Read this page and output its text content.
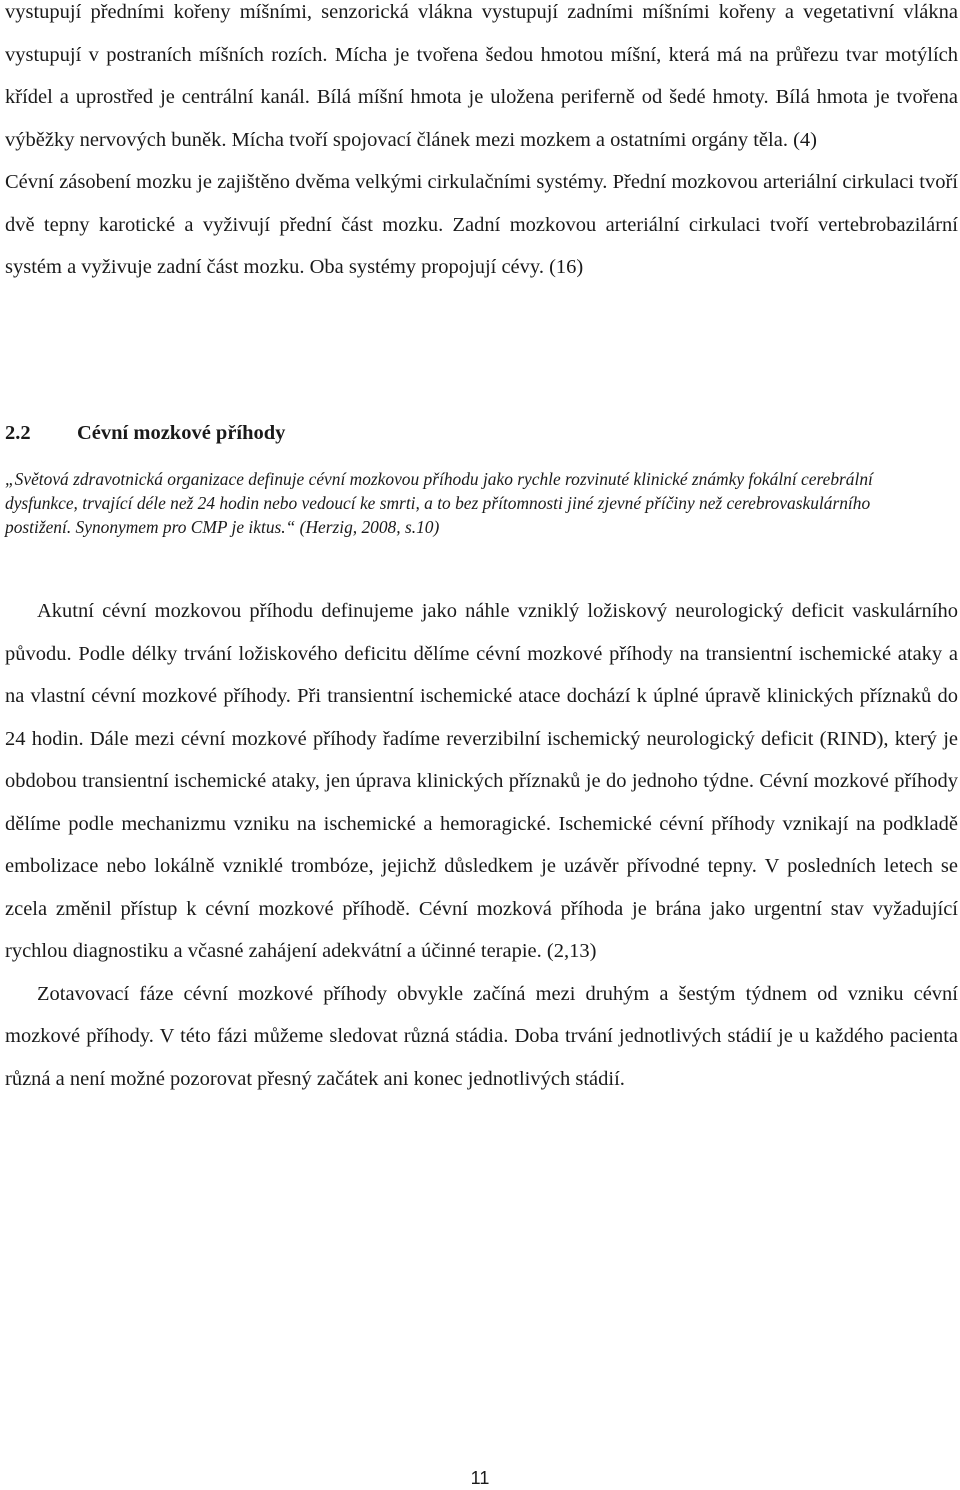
vystupují předními kořeny míšními, senzorická vlákna vystupují zadními míšními kořeny a vegetativní vlákna vystupují v postraních míšních rozích. Mícha je tvořena šedou hmotou míšní, která má na průřezu tvar motýlích křídel a uprostřed je centrální kanál. Bílá míšní hmota je uložena periferně od šedé hmoty. Bílá hmota je tvořena výběžky nervových buněk. Mícha tvoří spojovací článek mezi mozkem a ostatními orgány těla. (4)

Cévní zásobení mozku je zajištěno dvěma velkými cirkulačními systémy. Přední mozkovou arteriální cirkulaci tvoří dvě tepny karotické a vyživují přední část mozku. Zadní mozkovou arteriální cirkulaci tvoří vertebrobazilární systém a vyživuje zadní část mozku. Oba systémy propojují cévy. (16)

2.2 Cévní mozkové příhody

„Světová zdravotnická organizace definuje cévní mozkovou příhodu jako rychle rozvinuté klinické známky fokální cerebrální dysfunkce, trvající déle než 24 hodin nebo vedoucí ke smrti, a to bez přítomnosti jiné zjevné příčiny než cerebrovaskulárního postižení. Synonymem pro CMP je iktus.“ (Herzig, 2008, s.10)

Akutní cévní mozkovou příhodu definujeme jako náhle vzniklý ložiskový neurologický deficit vaskulárního původu. Podle délky trvání ložiskového deficitu dělíme cévní mozkové příhody na transientní ischemické ataky a na vlastní cévní mozkové příhody. Při transientní ischemické atace dochází k úplné úpravě klinických příznaků do 24 hodin. Dále mezi cévní mozkové příhody řadíme reverzibilní ischemický neurologický deficit (RIND), který je obdobou transientní ischemické ataky, jen úprava klinických příznaků je do jednoho týdne. Cévní mozkové příhody dělíme podle mechanizmu vzniku na ischemické a hemoragické. Ischemické cévní příhody vznikají na podkladě embolizace nebo lokálně vzniklé trombóze, jejichž důsledkem je uzávěr přívodné tepny. V posledních letech se zcela změnil přístup k cévní mozkové příhodě. Cévní mozková příhoda je brána jako urgentní stav vyžadující rychlou diagnostiku a včasné zahájení adekvátní a účinné terapie. (2,13)

Zotavovací fáze cévní mozkové příhody obvykle začíná mezi druhým a šestým týdnem od vzniku cévní mozkové příhody. V této fázi můžeme sledovat různá stádia. Doba trvání jednotlivých stádií je u každého pacienta různá a není možné pozorovat přesný začátek ani konec jednotlivých stádií.

11
